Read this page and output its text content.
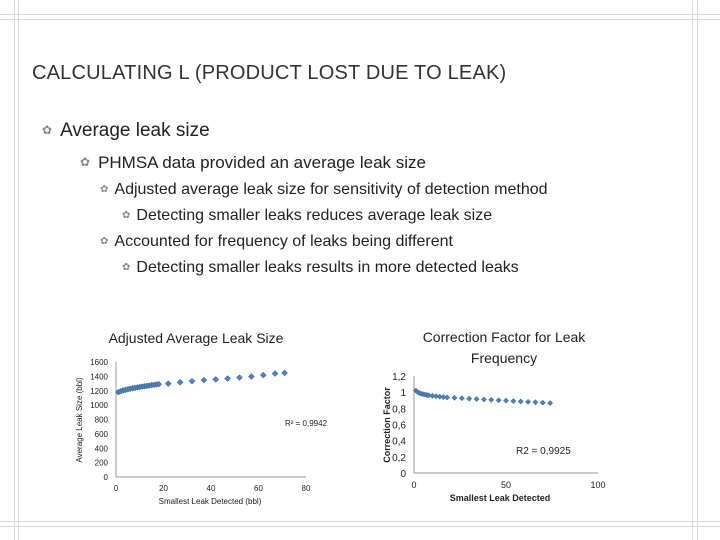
CALCULATING L (PRODUCT LOST DUE TO LEAK)
✿ Average leak size
✿ PHMSA data provided an average leak size
✿ Adjusted average leak size for sensitivity of detection method
✿ Detecting smaller leaks reduces average leak size
✿ Accounted for frequency of leaks being different
✿ Detecting smaller leaks results in more detected leaks
Adjusted Average Leak Size
0
200
400
600
800
1000
1200
1400
1600
0	20	40	60	80
R² = 0,9942
Smallest Leak Detected (bbl)
Average Leak Size (bbl)
Correction Factor for Leak
Frequency
0
0,2
0,4
0,6
0,8
1
1,2
0	50	100
R2 = 0,9925
Smallest Leak Detected
Correction Factor
